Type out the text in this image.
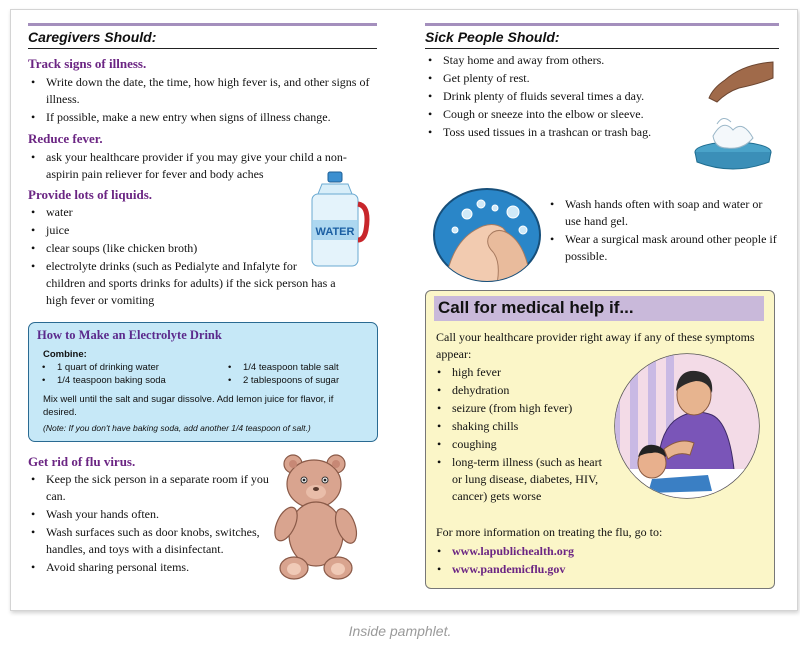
Caregivers Should:
Track signs of illness.
• Write down the date, the time, how high fever is, and other signs of illness.
• If possible, make a new entry when signs of illness change.
Reduce fever.
• ask your healthcare provider if you may give your child a non-aspirin pain reliever for fever and body aches
Provide lots of liquids.
• water
• juice
• clear soups (like chicken broth)
• electrolyte drinks (such as Pedialyte and Infalyte for children and sports drinks for adults) if the sick person has a high fever or vomiting
WATER
How to Make an Electrolyte Drink
Combine:
• 1 quart of drinking water
• 1/4 teaspoon baking soda
• 1/4 teaspoon table salt
• 2 tablespoons of sugar
Mix well until the salt and sugar dissolve. Add lemon juice for flavor, if desired.
(Note: If you don't have baking soda, add another 1/4 teaspoon of salt.)
Get rid of flu virus.
• Keep the sick person in a separate room if you can.
• Wash your hands often.
• Wash surfaces such as door knobs, switches, handles, and toys with a disinfectant.
• Avoid sharing personal items.
Sick People Should:
• Stay home and away from others.
• Get plenty of rest.
• Drink plenty of fluids several times a day.
• Cough or sneeze into the elbow or sleeve.
• Toss used tissues in a trashcan or trash bag.
• Wash hands often with soap and water or use hand gel.
• Wear a surgical mask around other people if possible.
Call for medical help if...
Call your healthcare provider right away if any of these symptoms appear:
• high fever
• dehydration
• seizure (from high fever)
• shaking chills
• coughing
• long-term illness (such as heart or lung disease, diabetes, HIV, cancer) gets worse
For more information on treating the flu, go to:
• www.lapublichealth.org
• www.pandemicflu.gov
Inside pamphlet.
